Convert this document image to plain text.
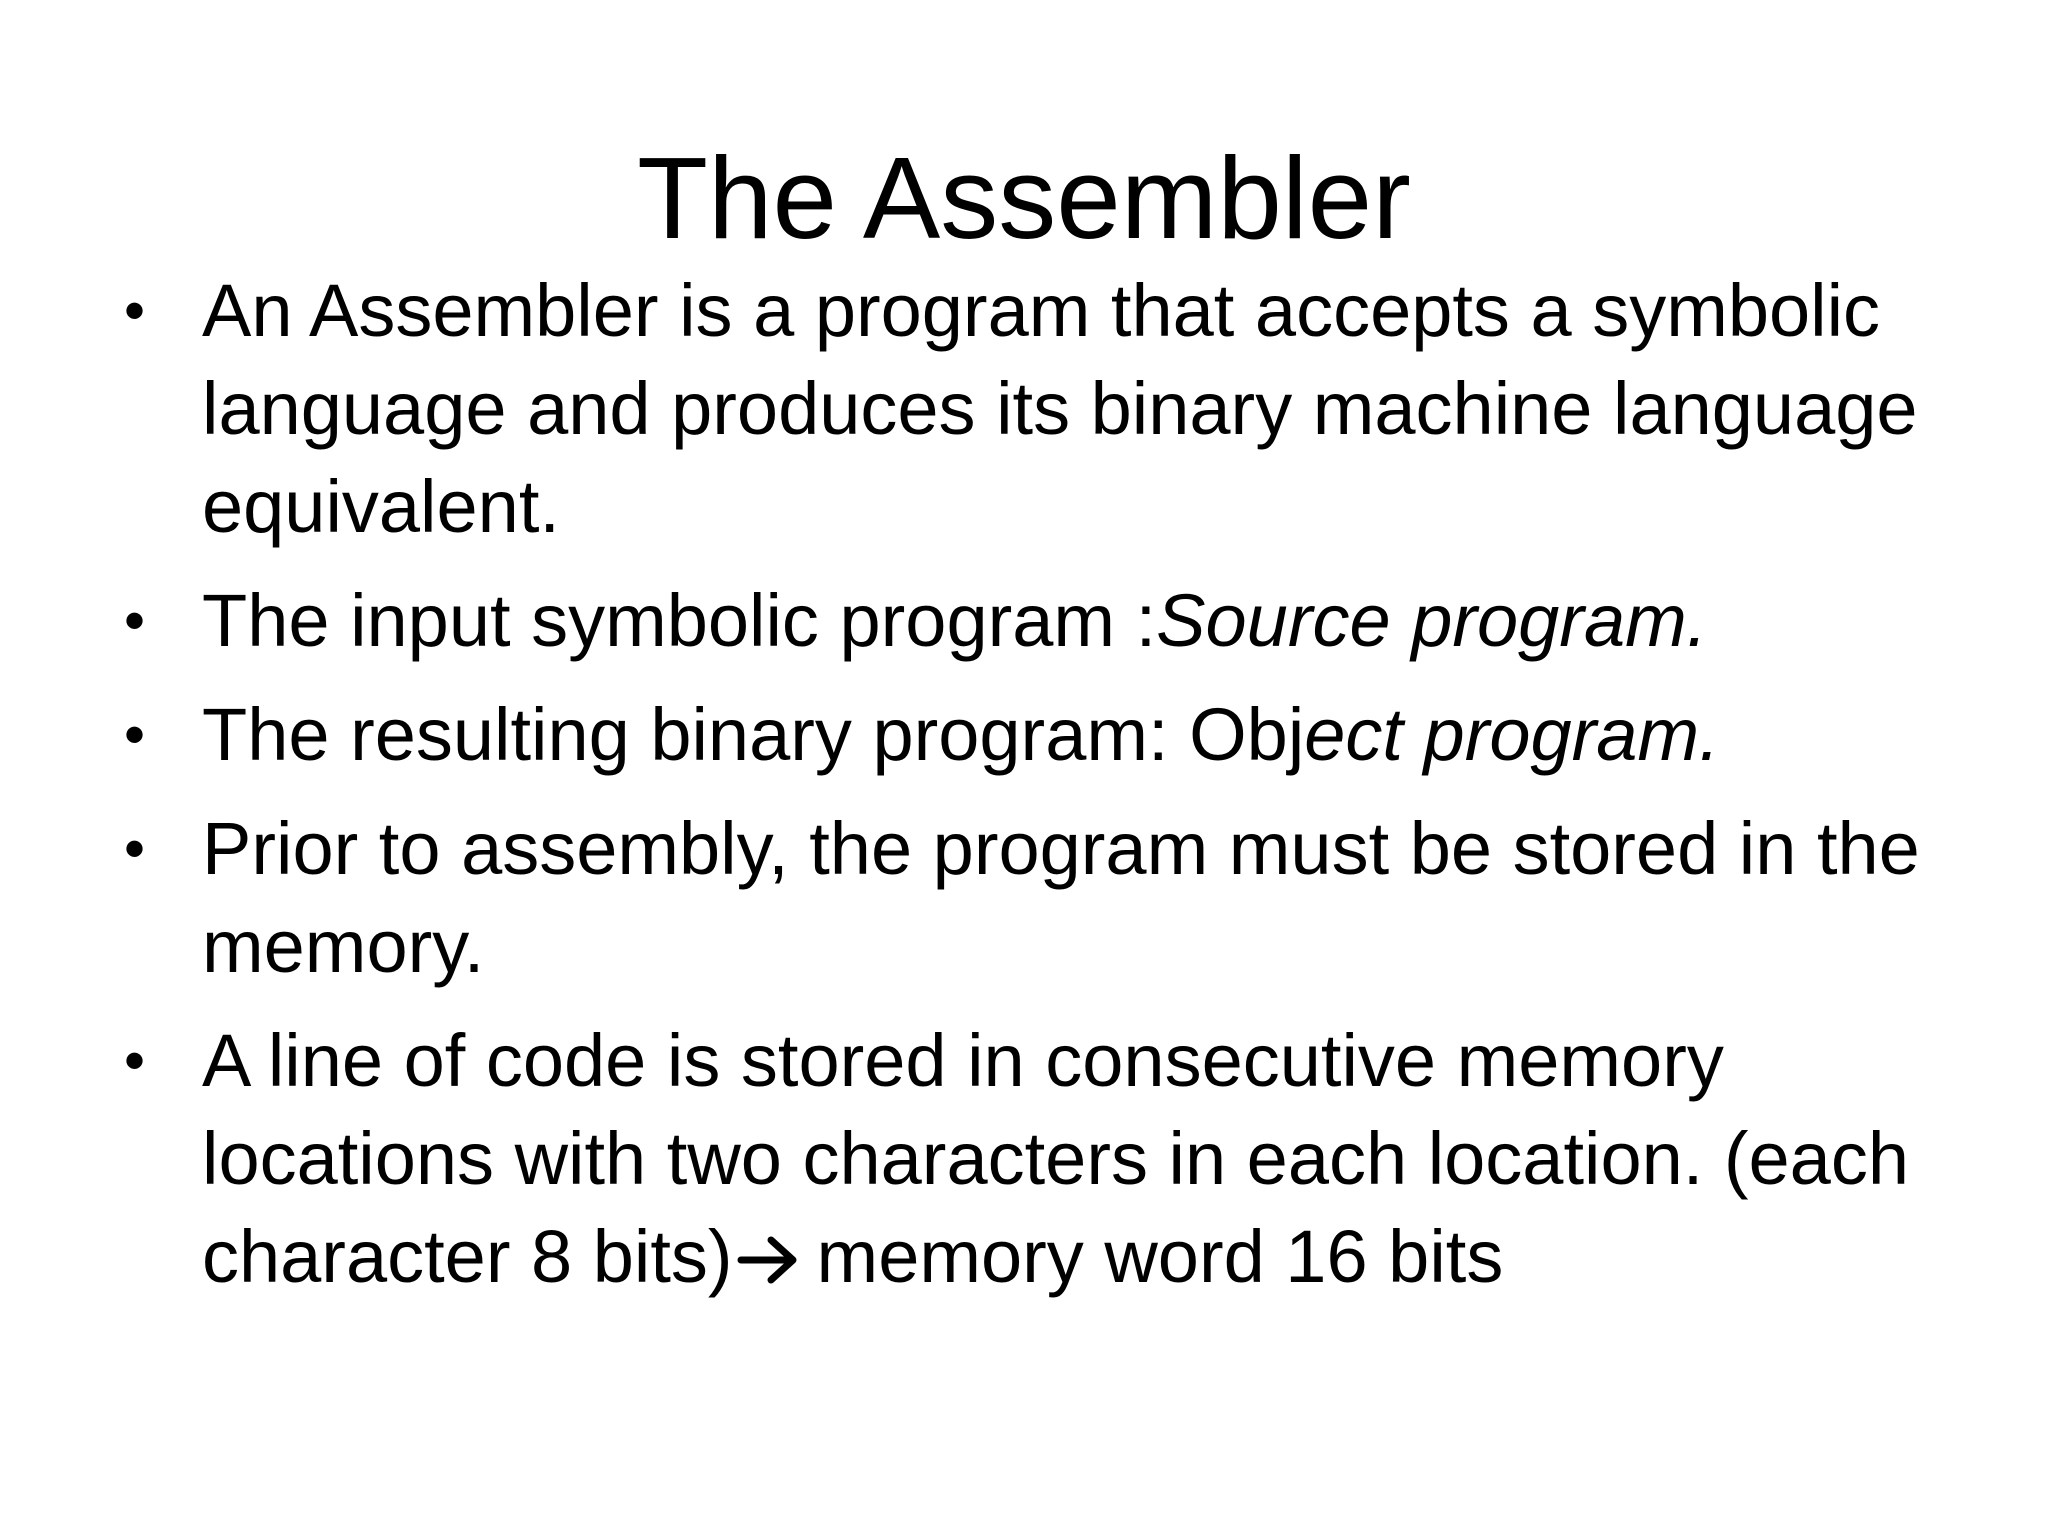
The Assembler
• An Assembler is a program that accepts a symbolic language and produces its binary machine language equivalent.
• The input symbolic program :Source program.
• The resulting binary program: Object program.
• Prior to assembly, the program must be stored in the memory.
• A line of code is stored in consecutive memory locations with two characters in each location. (each character 8 bits) memory word 16 bits
